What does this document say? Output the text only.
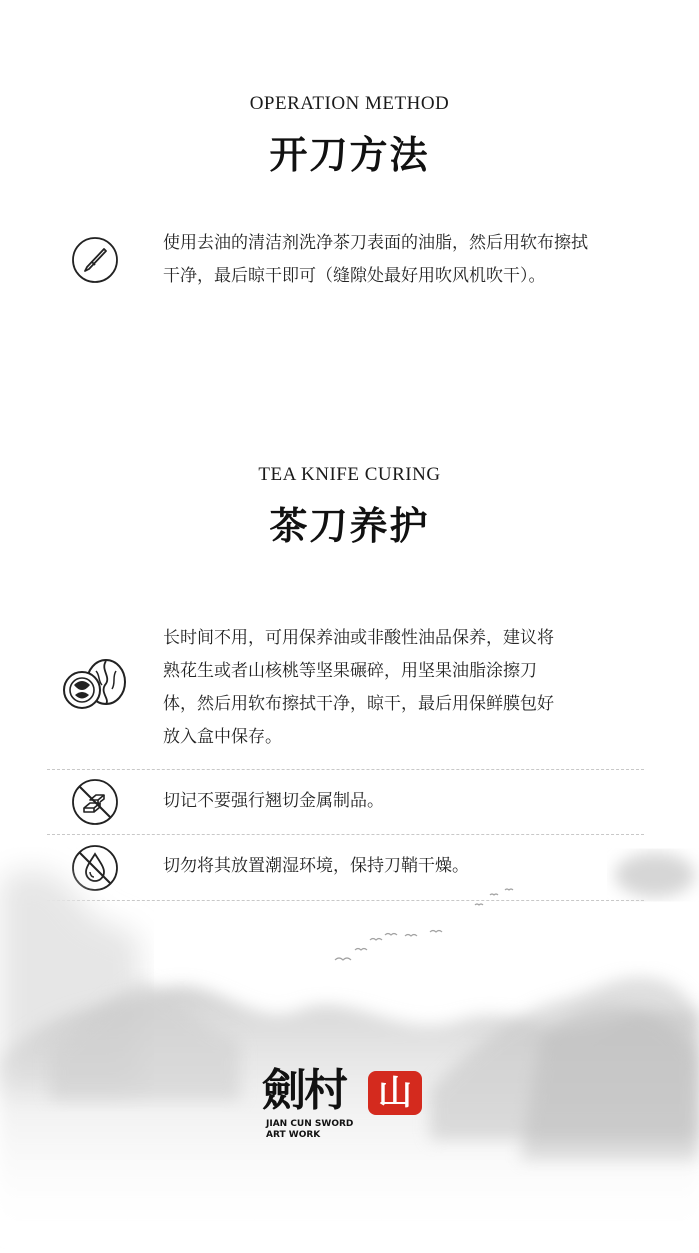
OPERATION METHOD
开刀方法
使用去油的清洁剂洗净茶刀表面的油脂，然后用软布擦拭
干净，最后晾干即可（缝隙处最好用吹风机吹干）。
TEA KNIFE CURING
茶刀养护
长时间不用，可用保养油或非酸性油品保养，建议将
熟花生或者山核桃等坚果碾碎，用坚果油脂涂擦刀
体，然后用软布擦拭干净，晾干，最后用保鲜膜包好
放入盒中保存。
切记不要强行翘切金属制品。
切勿将其放置潮湿环境，保持刀鞘干燥。
劍村 山
JIAN CUN SWORD
ART WORK
